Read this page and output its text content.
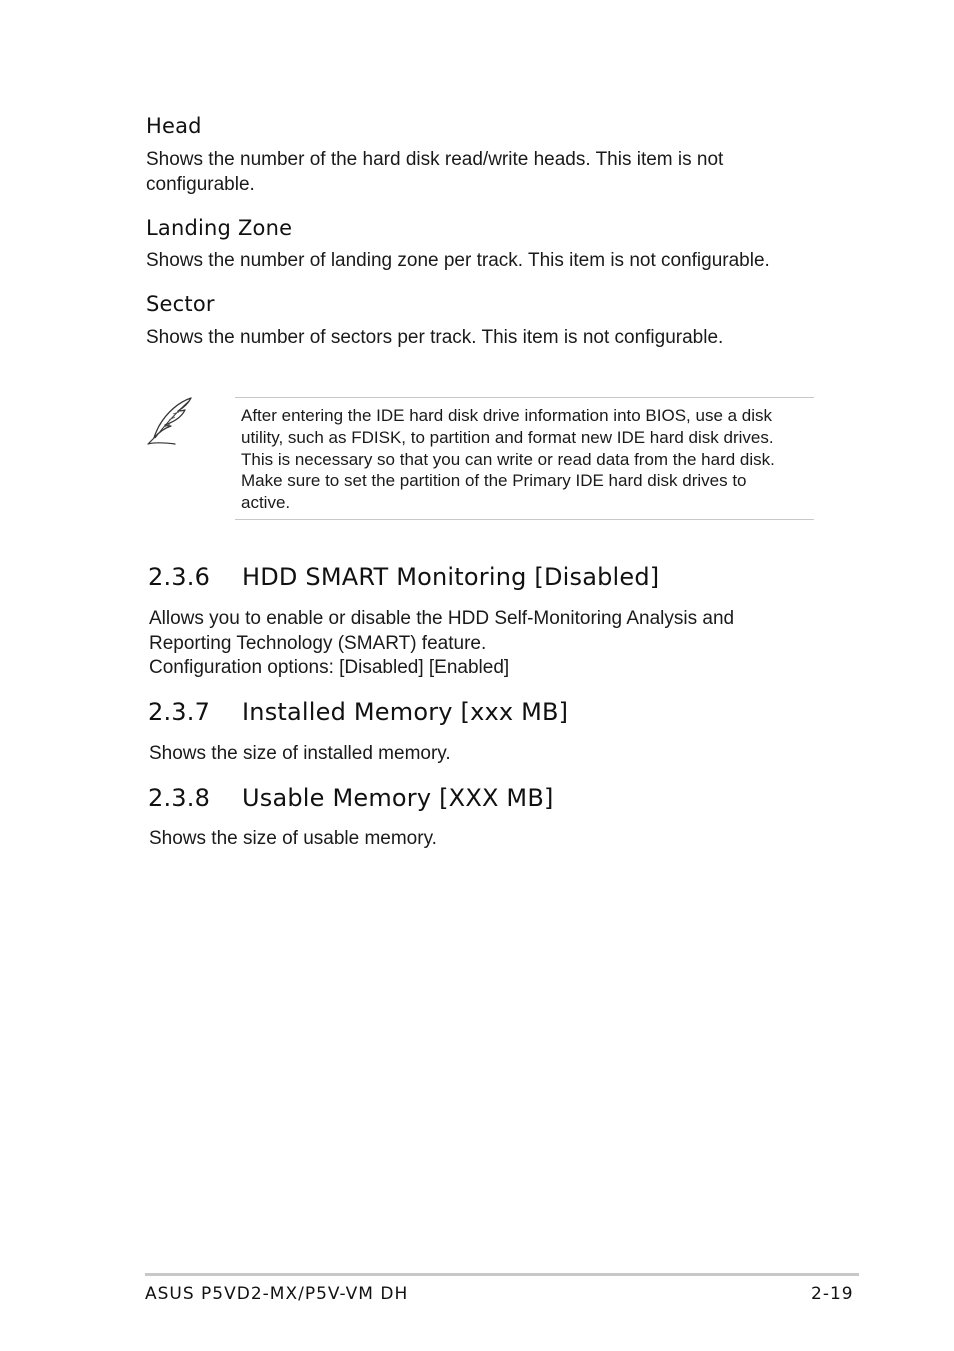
Head
Shows the number of the hard disk read/write heads. This item is not
configurable.
Landing Zone
Shows the number of landing zone per track. This item is not configurable.
Sector
Shows the number of sectors per track. This item is not configurable.
After entering the IDE hard disk drive information into BIOS, use a disk
utility, such as FDISK, to partition and format new IDE hard disk drives.
This is necessary so that you can write or read data from the hard disk.
Make sure to set the partition of the Primary IDE hard disk drives to
active.
2.3.6 HDD SMART Monitoring [Disabled]
Allows you to enable or disable the HDD Self-Monitoring Analysis and
Reporting Technology (SMART) feature.
Configuration options: [Disabled] [Enabled]
2.3.7 Installed Memory [xxx MB]
Shows the size of installed memory.
2.3.8 Usable Memory [XXX MB]
Shows the size of usable memory.
ASUS P5VD2-MX/P5V-VM DH	2-19
